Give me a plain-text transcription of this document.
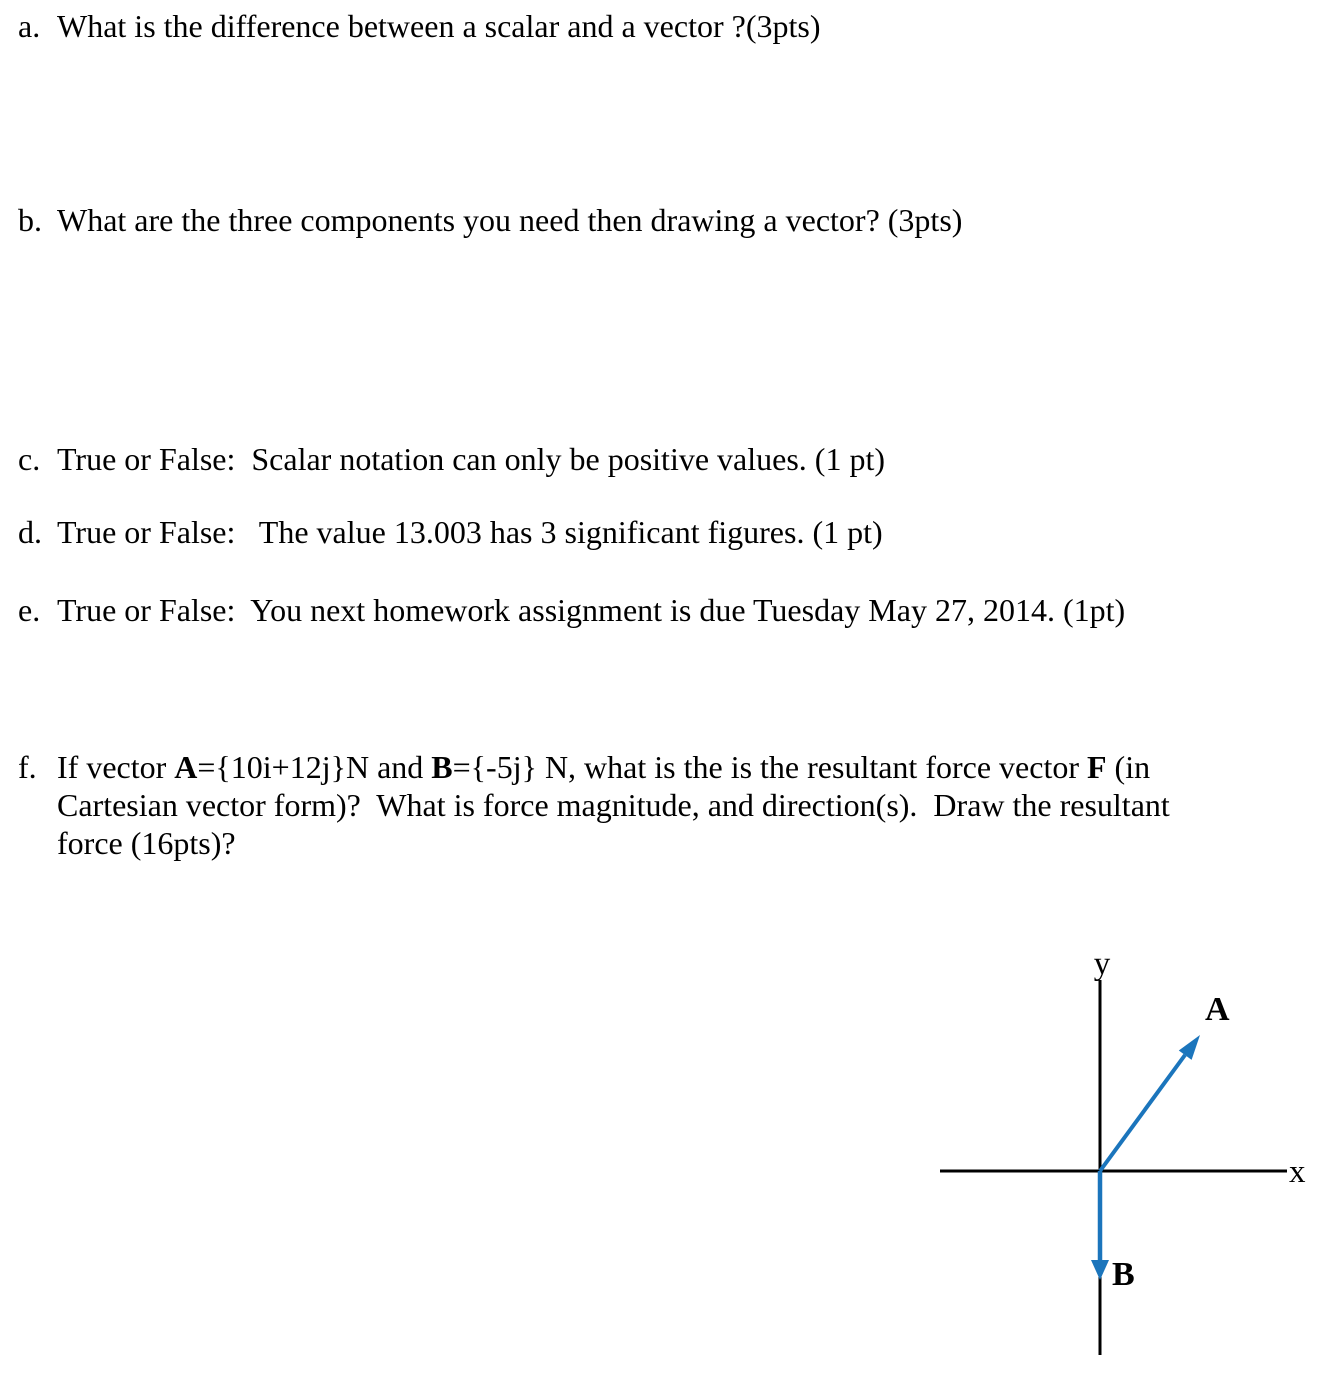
a. What is the difference between a scalar and a vector ?(3pts)
b. What are the three components you need then drawing a vector? (3pts)
c. True or False:  Scalar notation can only be positive values. (1 pt)
d. True or False:   The value 13.003 has 3 significant figures. (1 pt)
e. True or False:  You next homework assignment is due Tuesday May 27, 2014. (1pt)
f. If vector A={10i+12j}N and B={-5j} N, what is the is the resultant force vector F (in Cartesian vector form)?  What is force magnitude, and direction(s).  Draw the resultant force (16pts)?
y
x
A
B
